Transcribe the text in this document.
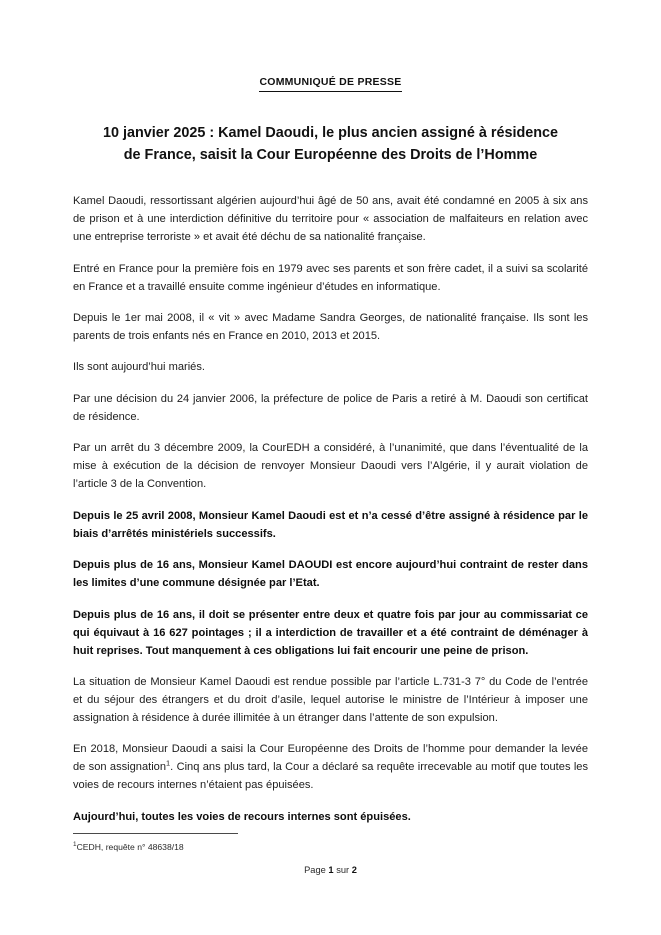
COMMUNIQUÉ DE PRESSE
10 janvier 2025 : Kamel Daoudi, le plus ancien assigné à résidence
de France, saisit la Cour Européenne des Droits de l’Homme

Kamel Daoudi, ressortissant algérien aujourd’hui âgé de 50 ans, avait été condamné en 2005 à six ans de prison et à une interdiction définitive du territoire pour « association de malfaiteurs en relation avec une entreprise terroriste » et avait été déchu de sa nationalité française.

Entré en France pour la première fois en 1979 avec ses parents et son frère cadet, il a suivi sa scolarité en France et a travaillé ensuite comme ingénieur d’études en informatique.

Depuis le 1er mai 2008, il « vit » avec Madame Sandra Georges, de nationalité française. Ils sont les parents de trois enfants nés en France en 2010, 2013 et 2015.

Ils sont aujourd’hui mariés.

Par une décision du 24 janvier 2006, la préfecture de police de Paris a retiré à M. Daoudi son certificat de résidence.

Par un arrêt du 3 décembre 2009, la CourEDH a considéré, à l’unanimité, que dans l’éventualité de la mise à exécution de la décision de renvoyer Monsieur Daoudi vers l’Algérie, il y aurait violation de l’article 3 de la Convention.

Depuis le 25 avril 2008, Monsieur Kamel Daoudi est et n’a cessé d’être assigné à résidence par le biais d’arrêtés ministériels successifs.

Depuis plus de 16 ans, Monsieur Kamel DAOUDI est encore aujourd’hui contraint de rester dans les limites d’une commune désignée par l’Etat.

Depuis plus de 16 ans, il doit se présenter entre deux et quatre fois par jour au commissariat ce qui équivaut à 16 627 pointages ; il a interdiction de travailler et a été contraint de déménager à huit reprises. Tout manquement à ces obligations lui fait encourir une peine de prison.

La situation de Monsieur Kamel Daoudi est rendue possible par l’article L.731-3 7° du Code de l’entrée et du séjour des étrangers et du droit d’asile, lequel autorise le ministre de l’Intérieur à imposer une assignation à résidence à durée illimitée à un étranger dans l’attente de son expulsion.

En 2018, Monsieur Daoudi a saisi la Cour Européenne des Droits de l’homme pour demander la levée de son assignation$^1$. Cinq ans plus tard, la Cour a déclaré sa requête irrecevable au motif que toutes les voies de recours internes n’étaient pas épuisées.

Aujourd’hui, toutes les voies de recours internes sont épuisées.

$^1$CEDH, requête n° 48638/18

Page 1 sur 2
